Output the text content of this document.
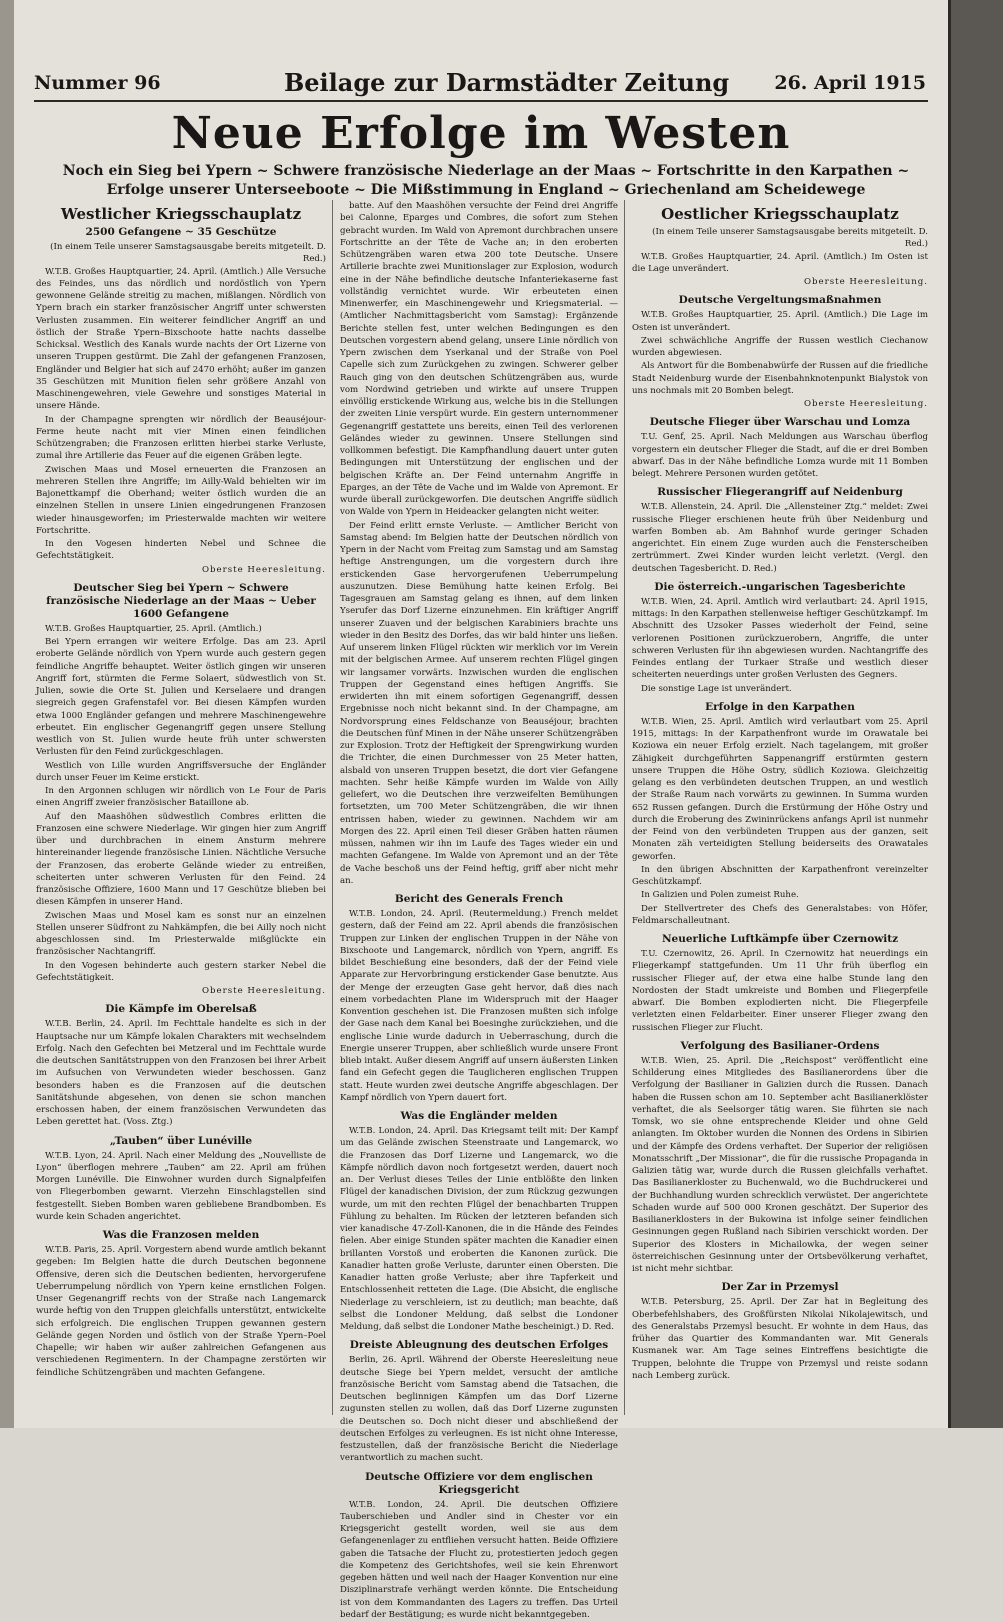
Nummer 96	Beilage zur Darmstädter Zeitung 26. April 1915
Neue Erfolge im Westen
Noch ein Sieg bei Ypern ~ Schwere französische Niederlage an der Maas ~ Fortschritte in den Karpathen ~ Erfolge unserer Unterseeboote ~ Die Mißstimmung in England ~ Griechenland am Scheidewege
Westlicher Kriegsschauplatz
2500 Gefangene ~ 35 Geschütze
(In einem Teile unserer Samstagsausgabe bereits mitgeteilt. D. Red.)

W.T.B. Großes Hauptquartier, 24. April. (Amtlich.) Alle Versuche des Feindes, uns das nördlich und nordöstlich von Ypern gewonnene Gelände streitig zu machen, mißlangen. Nördlich von Ypern brach ein starker französischer Angriff unter schwersten Verlusten zusammen. Ein weiterer feindlicher Angriff an und östlich der Straße Ypern–Bixschoote hatte nachts dasselbe Schicksal. Westlich des Kanals wurde nachts der Ort Lizerne von unseren Truppen gestürmt. Die Zahl der gefangenen Franzosen, Engländer und Belgier hat sich auf 2470 erhöht; außer im ganzen 35 Geschützen mit Munition fielen sehr größere Anzahl von Maschinengewehren, viele Gewehre und sonstiges Material in unsere Hände.

In der Champagne sprengten wir nördlich der Beauséjour-Ferme heute nacht mit vier Minen einen feindlichen Schützengraben; die Franzosen erlitten hierbei starke Verluste, zumal ihre Artillerie das Feuer auf die eigenen Gräben legte.

Zwischen Maas und Mosel erneuerten die Franzosen an mehreren Stellen ihre Angriffe; im Ailly-Wald behielten wir im Bajonettkampf die Oberhand; weiter östlich wurden die an einzelnen Stellen in unsere Linien eingedrungenen Franzosen wieder hinausgeworfen; im Priesterwalde machten wir weitere Fortschritte.

In den Vogesen hinderten Nebel und Schnee die Gefechtstätigkeit.

Oberste Heeresleitung.
Deutscher Sieg bei Ypern ~ Schwere französische Niederlage an der Maas ~ Ueber 1600 Gefangene

W.T.B. Großes Hauptquartier, 25. April. (Amtlich.)

Bei Ypern errangen wir weitere Erfolge. Das am 23. April eroberte Gelände nördlich von Ypern wurde auch gestern gegen feindliche Angriffe behauptet. Weiter östlich gingen wir unseren Angriff fort, stürmten die Ferme Solaert, südwestlich von St. Julien, sowie die Orte St. Julien und Kerselaere und drangen siegreich gegen Grafenstafel vor. Bei diesen Kämpfen wurden etwa 1000 Engländer gefangen und mehrere Maschinengewehre erbeutet. Ein englischer Gegenangriff gegen unsere Stellung westlich von St. Julien wurde heute früh unter schwersten Verlusten für den Feind zurückgeschlagen.

Westlich von Lille wurden Angriffsversuche der Engländer durch unser Feuer im Keime erstickt.

In den Argonnen schlugen wir nördlich von Le Four de Paris einen Angriff zweier französischer Bataillone ab.

Auf den Maashöhen südwestlich Combres erlitten die Franzosen eine schwere Niederlage. Wir gingen hier zum Angriff über und durchbrachen in einem Ansturm mehrere hintereinander liegende französische Linien. Nächtliche Versuche der Franzosen, das eroberte Gelände wieder zu entreißen, scheiterten unter schweren Verlusten für den Feind. 24 französische Offiziere, 1600 Mann und 17 Geschütze blieben bei diesen Kämpfen in unserer Hand.

Zwischen Maas und Mosel kam es sonst nur an einzelnen Stellen unserer Südfront zu Nahkämpfen, die bei Ailly noch nicht abgeschlossen sind. Im Priesterwalde mißglückte ein französischer Nachtangriff.

In den Vogesen behinderte auch gestern starker Nebel die Gefechtstätigkeit.

Oberste Heeresleitung.
Die Kämpfe im Oberelsaß

W.T.B. Berlin, 24. April. Im Fechttale handelte es sich in der Hauptsache nur um Kämpfe lokalen Charakters mit wechselndem Erfolg. Nach den Gefechten bei Metzeral und im Fechttale wurde die deutschen Sanitätstruppen von den Franzosen bei ihrer Arbeit im Aufsuchen von Verwundeten wieder beschossen. Ganz besonders haben es die Franzosen auf die deutschen Sanitätshunde abgesehen, von denen sie schon manchen erschossen haben, der einem französischen Verwundeten das Leben gerettet hat. (Voss. Ztg.)

„Tauben“ über Lunéville

W.T.B. Lyon, 24. April. Nach einer Meldung des „Nouvelliste de Lyon“ überflogen mehrere „Tauben“ am 22. April am frühen Morgen Lunéville. Die Einwohner wurden durch Signalpfeifen von Fliegerbomben gewarnt. Vierzehn Einschlagstellen sind festgestellt. Sieben Bomben waren gebliebene Brandbomben. Es wurde kein Schaden angerichtet.

Was die Franzosen melden

W.T.B. Paris, 25. April. Vorgestern abend wurde amtlich bekannt gegeben: Im Belgien hatte die durch Deutschen begonnene Offensive, deren sich die Deutschen bedienten, hervorgerufene Ueberrumpelung nördlich von Ypern keine ernstlichen Folgen. Unser Gegenangriff rechts von der Straße nach Langemarck wurde heftig von den Truppen gleichfalls unterstützt, entwickelte sich erfolgreich. Die englischen Truppen gewannen gestern Gelände gegen Norden und östlich von der Straße Ypern–Poel Chapelle; wir haben wir außer zahlreichen Gefangenen aus verschiedenen Regimentern. In der Champagne zerstörten wir feindliche Schützengräben und machten Gefangene.

batte. Auf den Maashöhen versuchte der Feind drei Angriffe bei Calonne, Eparges und Combres, die sofort zum Stehen gebracht wurden. Im Wald von Apremont durchbrachen unsere Fortschritte an der Tête de Vache an; in den eroberten Schützengräben waren etwa 200 tote Deutsche. Unsere Artillerie brachte zwei Munitionslager zur Explosion, wodurch eine in der Nähe befindliche deutsche Infanteriekaserne fast vollständig vernichtet wurde. Wir erbeuteten einen Minenwerfer, ein Maschinengewehr und Kriegsmaterial. — (Amtlicher Nachmittagsbericht vom Samstag): Ergänzende Berichte stellen fest, unter welchen Bedingungen es den Deutschen vorgestern abend gelang, unsere Linie nördlich von Ypern zwischen dem Yserkanal und der Straße von Poel Capelle sich zum Zurückgehen zu zwingen. Schwerer gelber Rauch ging von den deutschen Schützengräben aus, wurde vom Nordwind getrieben und wirkte auf unsere Truppen einvöllig erstickende Wirkung aus, welche bis in die Stellungen der zweiten Linie verspürt wurde. Ein gestern unternommener Gegenangriff gestattete uns bereits, einen Teil des verlorenen Geländes wieder zu gewinnen. Unsere Stellungen sind vollkommen befestigt. Die Kampfhandlung dauert unter guten Bedingungen mit Unterstützung der englischen und der belgischen Kräfte an. Der Feind unternahm Angriffe in Eparges, an der Tête de Vache und im Walde von Apremont. Er wurde überall zurückgeworfen. Die deutschen Angriffe südlich von Walde von Ypern in Heideacker gelangten nicht weiter.

Der Feind erlitt ernste Verluste. — Amtlicher Bericht von Samstag abend: Im Belgien hatte der Deutschen nördlich von Ypern in der Nacht vom Freitag zum Samstag und am Samstag heftige Anstrengungen, um die vorgestern durch ihre erstickenden Gase hervorgerufenen Ueberrumpelung auszunutzen. Diese Bemühung hatte keinen Erfolg. Bei Tagesgrauen am Samstag gelang es ihnen, auf dem linken Yserufer das Dorf Lizerne einzunehmen. Ein kräftiger Angriff unserer Zuaven und der belgischen Karabiniers brachte uns wieder in den Besitz des Dorfes, das wir bald hinter uns ließen. Auf unserem linken Flügel rückten wir merklich vor im Verein mit der belgischen Armee. Auf unserem rechten Flügel gingen wir langsamer vorwärts. Inzwischen wurden die englischen Truppen der Gegenstand eines heftigen Angriffs. Sie erwiderten ihn mit einem sofortigen Gegenangriff, dessen Ergebnisse noch nicht bekannt sind. In der Champagne, am Nordvorsprung eines Feldschanze von Beauséjour, brachten die Deutschen fünf Minen in der Nähe unserer Schützengräben zur Explosion. Trotz der Heftigkeit der Sprengwirkung wurden die Trichter, die einen Durchmesser von 25 Meter hatten, alsbald von unseren Truppen besetzt, die dort vier Gefangene machten. Sehr heiße Kämpfe wurden im Walde von Ailly geliefert, wo die Deutschen ihre verzweifelten Bemühungen fortsetzten, um 700 Meter Schützengräben, die wir ihnen entrissen haben, wieder zu gewinnen. Nachdem wir am Morgen des 22. April einen Teil dieser Gräben hatten räumen müssen, nahmen wir ihn im Laufe des Tages wieder ein und machten Gefangene. Im Walde von Apremont und an der Tête de Vache beschoß uns der Feind heftig, griff aber nicht mehr an.

Bericht des Generals French

W.T.B. London, 24. April. (Reutermeldung.) French meldet gestern, daß der Feind am 22. April abends die französischen Truppen zur Linken der englischen Truppen in der Nähe von Bixschoote und Langemarck, nördlich von Ypern, angriff. Es bildet Beschießung eine besonders, daß der der Feind viele Apparate zur Hervorbringung erstickender Gase benutzte. Aus der Menge der erzeugten Gase geht hervor, daß dies nach einem vorbedachten Plane im Widerspruch mit der Haager Konvention geschehen ist. Die Franzosen mußten sich infolge der Gase nach dem Kanal bei Boesinghe zurückziehen, und die englische Linie wurde dadurch in Ueberraschung, durch die Energie unserer Truppen, aber schließlich wurde unsere Front blieb intakt. Außer diesem Angriff auf unsern äußersten Linken fand ein Gefecht gegen die Tauglicheren englischen Truppen statt. Heute wurden zwei deutsche Angriffe abgeschlagen. Der Kampf nördlich von Ypern dauert fort.

Was die Engländer melden

W.T.B. London, 24. April. Das Kriegsamt teilt mit: Der Kampf um das Gelände zwischen Steenstraate und Langemarck, wo die Franzosen das Dorf Lizerne und Langemarck, wo die Kämpfe nördlich davon noch fortgesetzt werden, dauert noch an. Der Verlust dieses Teiles der Linie entblößte den linken Flügel der kanadischen Division, der zum Rückzug gezwungen wurde, um mit den rechten Flügel der benachbarten Truppen Fühlung zu behalten. Im Rücken der letzteren befanden sich vier kanadische 47-Zoll-Kanonen, die in die Hände des Feindes fielen. Aber einige Stunden später machten die Kanadier einen brillanten Vorstoß und eroberten die Kanonen zurück. Die Kanadier hatten große Verluste, darunter einen Obersten. Die Kanadier hatten große Verluste; aber ihre Tapferkeit und Entschlossenheit retteten die Lage. (Die Absicht, die englische Niederlage zu verschleiern, ist zu deutlich; man beachte, daß selbst die Londoner Meldung, daß selbst die Londoner Meldung, daß selbst die Londoner Mathe bescheinigt.) D. Red.

Dreiste Ableugnung des deutschen Erfolges

Berlin, 26. April. Während der Oberste Heeresleitung neue deutsche Siege bei Ypern meldet, versucht der amtliche französische Bericht vom Samstag abend die Tatsachen, die Deutschen beglinnigen Kämpfen um das Dorf Lizerne zugunsten stellen zu wollen, daß das Dorf Lizerne zugunsten die Deutschen so. Doch nicht dieser und abschließend der deutschen Erfolges zu verleugnen. Es ist nicht ohne Interesse, festzustellen, daß der französische Bericht die Niederlage verantwortlich zu machen sucht.

Deutsche Offiziere vor dem englischen Kriegsgericht

W.T.B. London, 24. April. Die deutschen Offiziere Tauberschieben und Andler sind in Chester vor ein Kriegsgericht gestellt worden, weil sie aus dem Gefangenenlager zu entfliehen versucht hatten. Beide Offiziere gaben die Tatsache der Flucht zu, protestierten jedoch gegen die Kompetenz des Gerichtshofes, weil sie kein Ehrenwort gegeben hätten und weil nach der Haager Konvention nur eine Disziplinarstrafe verhängt werden könnte. Die Entscheidung ist von dem Kommandanten des Lagers zu treffen. Das Urteil bedarf der Bestätigung; es wurde nicht bekanntgegeben.

Oestlicher Kriegsschauplatz
(In einem Teile unserer Samstagsausgabe bereits mitgeteilt. D. Red.)

W.T.B. Großes Hauptquartier, 24. April. (Amtlich.) Im Osten ist die Lage unverändert.

Oberste Heeresleitung.
Deutsche Vergeltungsmaßnahmen

W.T.B. Großes Hauptquartier, 25. April. (Amtlich.) Die Lage im Osten ist unverändert.

Zwei schwächliche Angriffe der Russen westlich Ciechanow wurden abgewiesen.

Als Antwort für die Bombenabwürfe der Russen auf die friedliche Stadt Neidenburg wurde der Eisenbahnknotenpunkt Bialystok von uns nochmals mit 20 Bomben belegt.

Oberste Heeresleitung.
Deutsche Flieger über Warschau und Lomza

T.U. Genf, 25. April. Nach Meldungen aus Warschau überflog vorgestern ein deutscher Flieger die Stadt, auf die er drei Bomben abwarf. Das in der Nähe befindliche Lomza wurde mit 11 Bomben belegt. Mehrere Personen wurden getötet.

Russischer Fliegerangriff auf Neidenburg

W.T.B. Allenstein, 24. April. Die „Allensteiner Ztg.“ meldet: Zwei russische Flieger erschienen heute früh über Neidenburg und warfen Bomben ab. Am Bahnhof wurde geringer Schaden angerichtet. Ein einem Zuge wurden auch die Fensterscheiben zertrümmert. Zwei Kinder wurden leicht verletzt. (Vergl. den deutschen Tagesbericht. D. Red.)

Die österreich.-ungarischen Tagesberichte

W.T.B. Wien, 24. April. Amtlich wird verlautbart: 24. April 1915, mittags: In den Karpathen stellenweise heftiger Geschützkampf. Im Abschnitt des Uzsoker Passes wiederholt der Feind, seine verlorenen Positionen zurückzuerobern, Angriffe, die unter schweren Verlusten für ihn abgewiesen wurden. Nachtangriffe des Feindes entlang der Turkaer Straße und westlich dieser scheiterten neuerdings unter großen Verlusten des Gegners.

Die sonstige Lage ist unverändert.

Erfolge in den Karpathen

W.T.B. Wien, 25. April. Amtlich wird verlautbart vom 25. April 1915, mittags: In der Karpathenfront wurde im Orawatale bei Koziowa ein neuer Erfolg erzielt. Nach tagelangem, mit großer Zähigkeit durchgeführten Sappenangriff erstürmten gestern unsere Truppen die Höhe Ostry, südlich Koziowa. Gleichzeitig gelang es den verbündeten deutschen Truppen, an und westlich der Straße Raum nach vorwärts zu gewinnen. In Summa wurden 652 Russen gefangen. Durch die Erstürmung der Höhe Ostry und durch die Eroberung des Zwininrückens anfangs April ist nunmehr der Feind von den verbündeten Truppen aus der ganzen, seit Monaten zäh verteidigten Stellung beiderseits des Orawatales geworfen.

In den übrigen Abschnitten der Karpathenfront vereinzelter Geschützkampf.

In Galizien und Polen zumeist Ruhe.

Der Stellvertreter des Chefs des Generalstabes: von Höfer, Feldmarschalleutnant.

Neuerliche Luftkämpfe über Czernowitz

T.U. Czernowitz, 26. April. In Czernowitz hat neuerdings ein Fliegerkampf stattgefunden. Um 11 Uhr früh überflog ein russischer Flieger auf, der etwa eine halbe Stunde lang den Nordosten der Stadt umkreiste und Bomben und Fliegerpfeile abwarf. Die Bomben explodierten nicht. Die Fliegerpfeile verletzten einen Feldarbeiter. Einer unserer Flieger zwang den russischen Flieger zur Flucht.

Verfolgung des Basilianer-Ordens

W.T.B. Wien, 25. April. Die „Reichspost“ veröffentlicht eine Schilderung eines Mitgliedes des Basilianerordens über die Verfolgung der Basilianer in Galizien durch die Russen. Danach haben die Russen schon am 10. September acht Basilianerklöster verhaftet, die als Seelsorger tätig waren. Sie führten sie nach Tomsk, wo sie ohne entsprechende Kleider und ohne Geld anlangten. Im Oktober wurden die Nonnen des Ordens in Sibirien und der Kämpfe des Ordens verhaftet. Der Superior der religiösen Monatsschrift „Der Missionar“, die für die russische Propaganda in Galizien tätig war, wurde durch die Russen gleichfalls verhaftet. Das Basilianerkloster zu Buchenwald, wo die Buchdruckerei und der Buchhandlung wurden schrecklich verwüstet. Der angerichtete Schaden wurde auf 500 000 Kronen geschätzt. Der Superior des Basilianerklosters in der Bukowina ist infolge seiner feindlichen Gesinnungen gegen Rußland nach Sibirien verschickt worden. Der Superior des Klosters in Michailowka, der wegen seiner österreichischen Gesinnung unter der Ortsbevölkerung verhaftet, ist nicht mehr sichtbar.

Der Zar in Przemysl

W.T.B. Petersburg, 25. April. Der Zar hat in Begleitung des Oberbefehlshabers, des Großfürsten Nikolai Nikolajewitsch, und des Generalstabs Przemysl besucht. Er wohnte in dem Haus, das früher das Quartier des Kommandanten war. Mit Generals Kusmanek war. Am Tage seines Eintreffens besichtigte die Truppen, belohnte die Truppe von Przemysl und reiste sodann nach Lemberg zurück.
